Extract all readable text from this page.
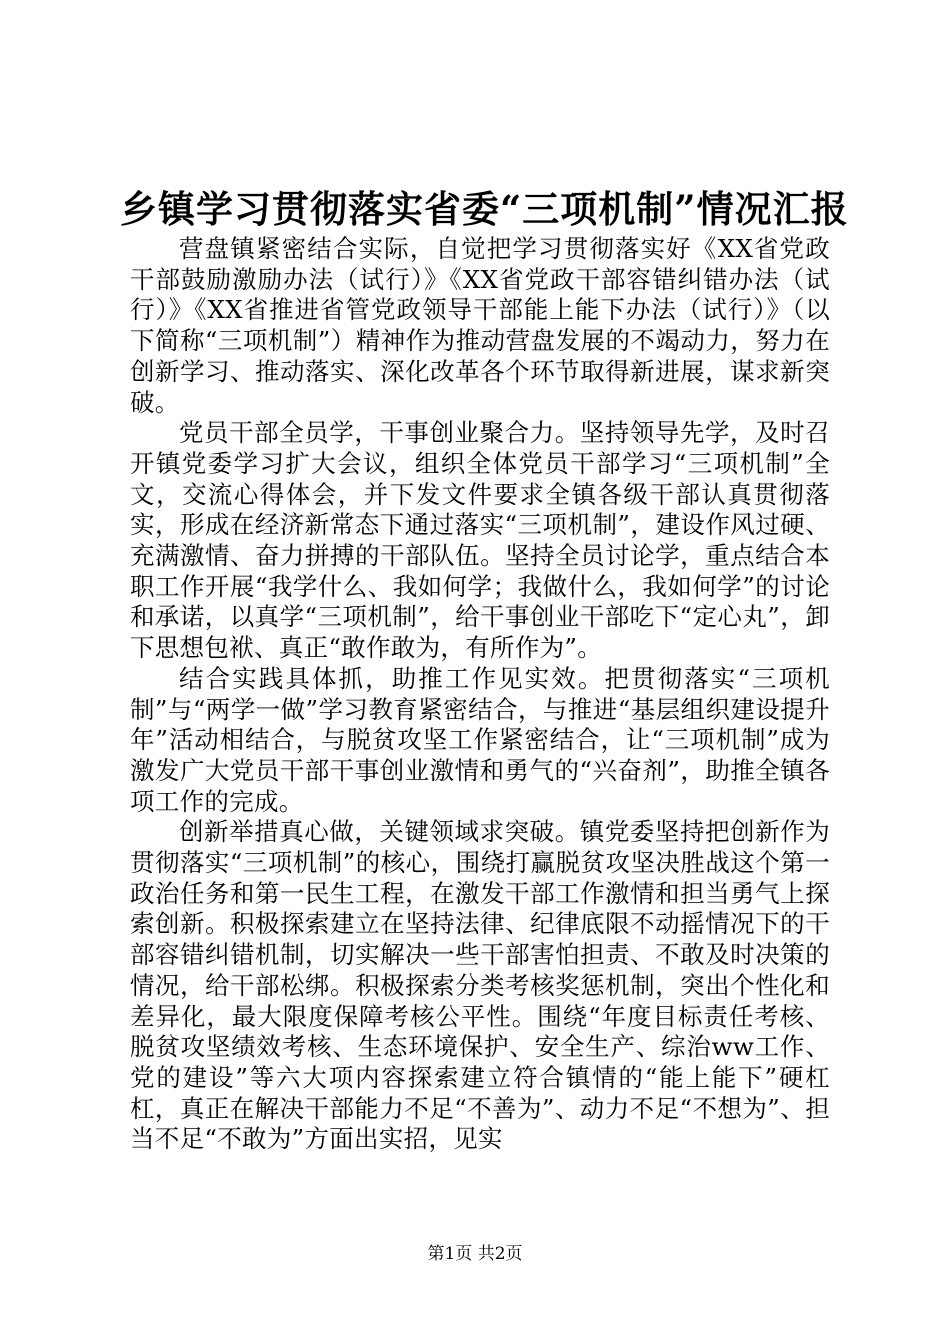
乡镇学习贯彻落实省委“三项机制”情况汇报

营盘镇紧密结合实际，自觉把学习贯彻落实好《XX省党政干部鼓励激励办法（试行）》《XX省党政干部容错纠错办法（试行）》《XX省推进省管党政领导干部能上能下办法（试行）》（以下简称“三项机制”）精神作为推动营盘发展的不竭动力，努力在创新学习、推动落实、深化改革各个环节取得新进展，谋求新突破。

党员干部全员学，干事创业聚合力。坚持领导先学，及时召开镇党委学习扩大会议，组织全体党员干部学习“三项机制”全文，交流心得体会，并下发文件要求全镇各级干部认真贯彻落实，形成在经济新常态下通过落实“三项机制”，建设作风过硬、充满激情、奋力拼搏的干部队伍。坚持全员讨论学，重点结合本职工作开展“我学什么、我如何学；我做什么，我如何学”的讨论和承诺，以真学“三项机制”，给干事创业干部吃下“定心丸”，卸下思想包袱、真正“敢作敢为，有所作为”。

结合实践具体抓，助推工作见实效。把贯彻落实“三项机制”与“两学一做”学习教育紧密结合，与推进“基层组织建设提升年”活动相结合，与脱贫攻坚工作紧密结合，让“三项机制”成为激发广大党员干部干事创业激情和勇气的“兴奋剂”，助推全镇各项工作的完成。

创新举措真心做，关键领域求突破。镇党委坚持把创新作为贯彻落实“三项机制”的核心，围绕打赢脱贫攻坚决胜战这个第一政治任务和第一民生工程，在激发干部工作激情和担当勇气上探索创新。积极探索建立在坚持法律、纪律底限不动摇情况下的干部容错纠错机制，切实解决一些干部害怕担责、不敢及时决策的情况，给干部松绑。积极探索分类考核奖惩机制，突出个性化和差异化，最大限度保障考核公平性。围绕“年度目标责任考核、脱贫攻坚绩效考核、生态环境保护、安全生产、综治ww工作、党的建设”等六大项内容探索建立符合镇情的“能上能下”硬杠杠，真正在解决干部能力不足“不善为”、动力不足“不想为”、担当不足“不敢为”方面出实招，见实

第1页 共2页
